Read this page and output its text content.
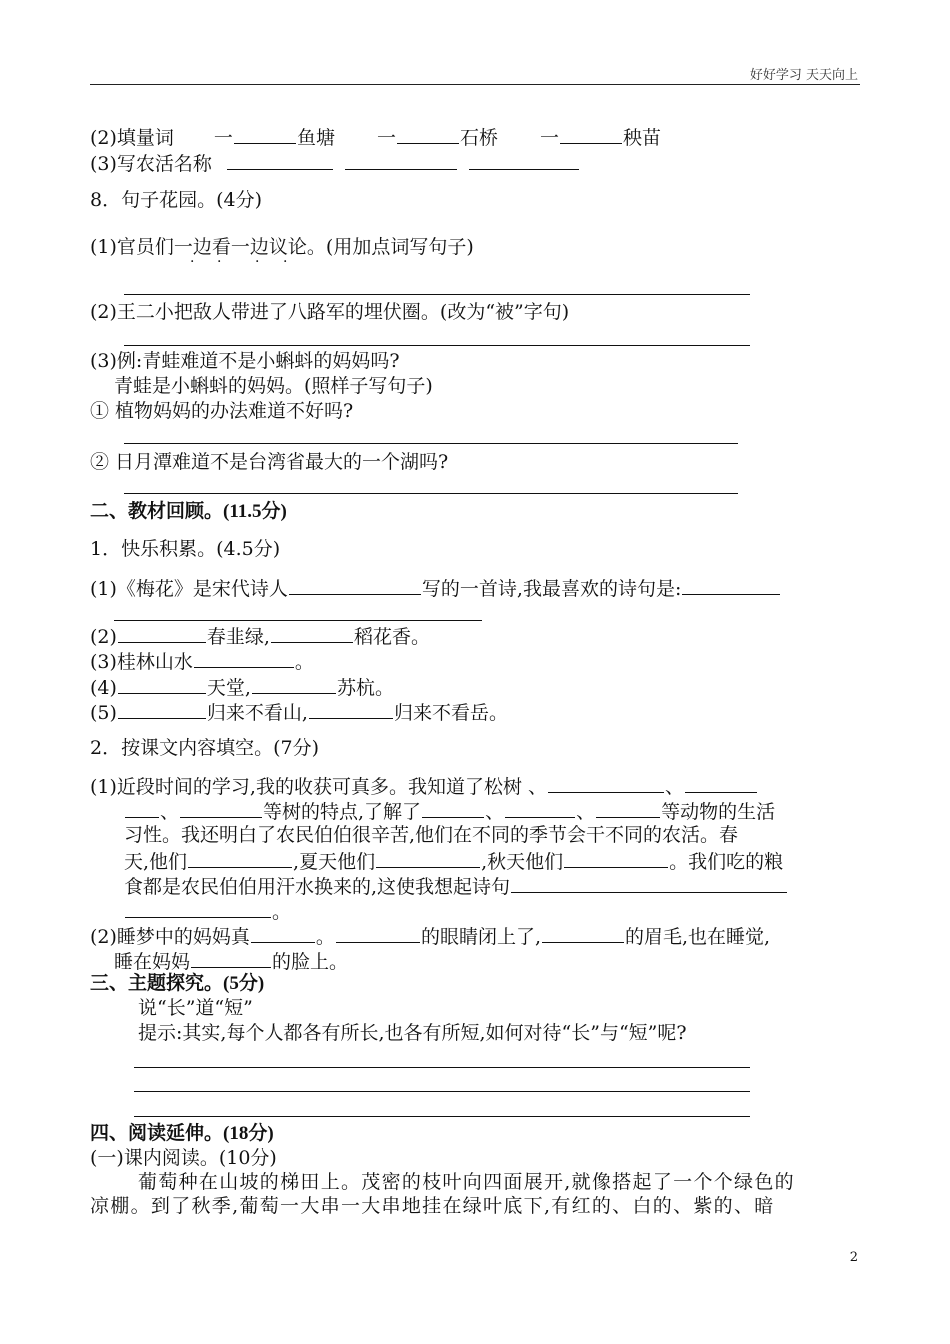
好好学习 天天向上
(2)填量词 一	鱼塘 一	石桥 一	秧苗
(3)写农活名称
8．句子花园。(4分)
(1)官员们一边看一边议论。(用加点词写句子)
· · · ·
(2)王二小把敌人带进了八路军的埋伏圈。(改为“被”字句)
(3)例:青蛙难道不是小蝌蚪的妈妈吗?
青蛙是小蝌蚪的妈妈。(照样子写句子)
① 植物妈妈的办法难道不好吗?
② 日月潭难道不是台湾省最大的一个湖吗?
二、教材回顾。(11.5分)
1．快乐积累。(4.5分)
(1)《梅花》是宋代诗人	写的一首诗,我最喜欢的诗句是:
(2)	春韭绿,	稻花香。
(3)桂林山水	。
(4)	天堂,	苏杭。
(5)	归来不看山,	归来不看岳。
2．按课文内容填空。(7分)
(1)近段时间的学习,我的收获可真多。我知道了松树 、	、
、	等树的特点,了解了	、	、	等动物的生活
习性。我还明白了农民伯伯很辛苦,他们在不同的季节会干不同的农活。春
天,他们	,夏天他们	,秋天他们	。我们吃的粮
食都是农民伯伯用汗水换来的,这使我想起诗句
。
(2)睡梦中的妈妈真	。	的眼睛闭上了,	的眉毛,也在睡觉,
睡在妈妈	的脸上。
三、主题探究。(5分)
说“长”道“短”
提示:其实,每个人都各有所长,也各有所短,如何对待“长”与“短”呢?
四、阅读延伸。(18分)
(一)课内阅读。(10分)
葡萄种在山坡的梯田上。茂密的枝叶向四面展开,就像搭起了一个个绿色的
凉棚。到了秋季,葡萄一大串一大串地挂在绿叶底下,有红的、白的、紫的、暗
2
